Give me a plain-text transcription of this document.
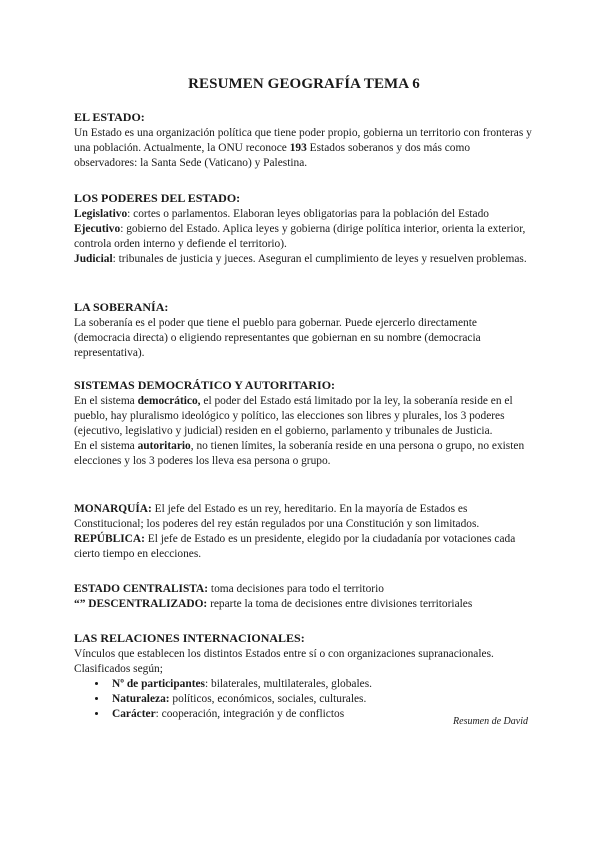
RESUMEN GEOGRAFÍA TEMA 6
EL ESTADO:

Un Estado es una organización política que tiene poder propio, gobierna un territorio con fronteras y una población. Actualmente, la ONU reconoce 193 Estados soberanos y dos más como observadores: la Santa Sede (Vaticano) y Palestina.

LOS PODERES DEL ESTADO:

Legislativo: cortes o parlamentos. Elaboran leyes obligatorias para la población del Estado

Ejecutivo: gobierno del Estado. Aplica leyes y gobierna (dirige política interior, orienta la exterior, controla orden interno y defiende el territorio).

Judicial: tribunales de justicia y jueces. Aseguran el cumplimiento de leyes y resuelven problemas.

LA SOBERANÍA:

La soberanía es el poder que tiene el pueblo para gobernar. Puede ejercerlo directamente (democracia directa) o eligiendo representantes que gobiernan en su nombre (democracia representativa).

SISTEMAS DEMOCRÁTICO Y AUTORITARIO:

En el sistema democrático, el poder del Estado está limitado por la ley, la soberanía reside en el pueblo, hay pluralismo ideológico y político, las elecciones son libres y plurales, los 3 poderes (ejecutivo, legislativo y judicial) residen en el gobierno, parlamento y tribunales de Justicia.

En el sistema autoritario, no tienen límites, la soberanía reside en una persona o grupo, no existen elecciones y los 3 poderes los lleva esa persona o grupo.

MONARQUÍA: El jefe del Estado es un rey, hereditario. En la mayoría de Estados es Constitucional; los poderes del rey están regulados por una Constitución y son limitados.

REPÚBLICA: El jefe de Estado es un presidente, elegido por la ciudadanía por votaciones cada cierto tiempo en elecciones.

ESTADO CENTRALISTA: toma decisiones para todo el territorio

“” DESCENTRALIZADO: reparte la toma de decisiones entre divisiones territoriales

LAS RELACIONES INTERNACIONALES:

Vínculos que establecen los distintos Estados entre sí o con organizaciones supranacionales. Clasificados según;

• Nº de participantes: bilaterales, multilaterales, globales.
• Naturaleza: políticos, económicos, sociales, culturales.
• Carácter: cooperación, integración y de conflictos
Resumen de David
